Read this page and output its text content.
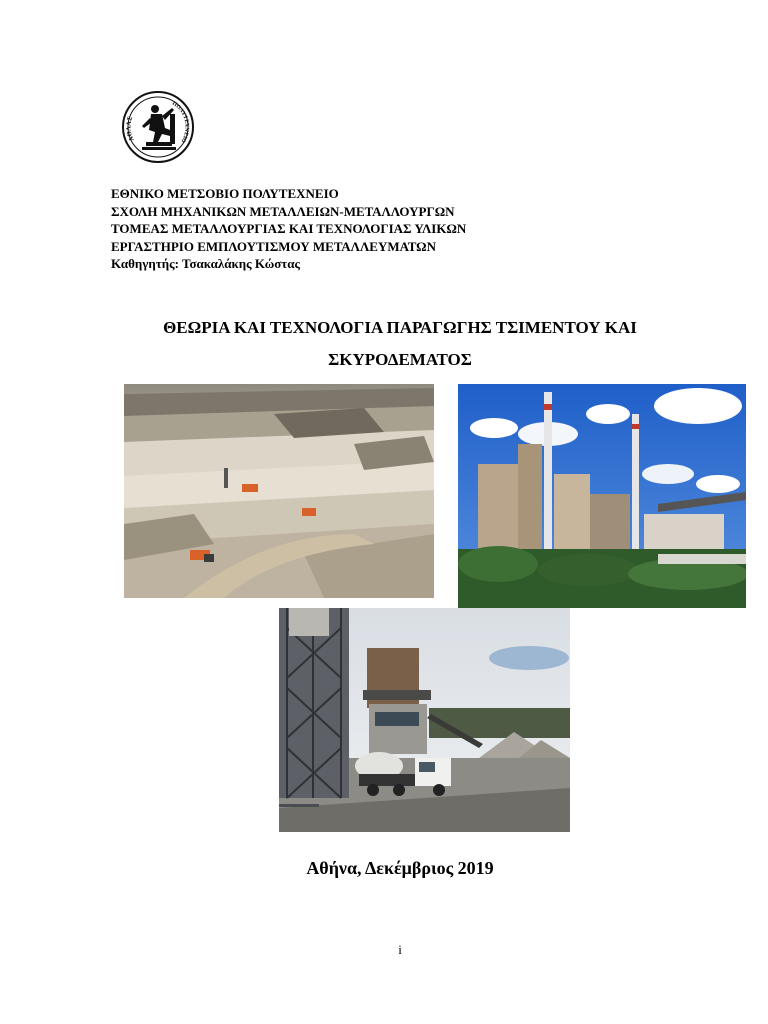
ΑΘΛΑΣ
ΠΟΛΥΤΕΧΝΕΙΟ
ΕΘΝΙΚΟ ΜΕΤΣΟΒΙΟ ΠΟΛΥΤΕΧΝΕΙΟ
ΣΧΟΛΗ ΜΗΧΑΝΙΚΩΝ ΜΕΤΑΛΛΕΙΩΝ-ΜΕΤΑΛΛΟΥΡΓΩΝ
ΤΟΜΕΑΣ ΜΕΤΑΛΛΟΥΡΓΙΑΣ ΚΑΙ ΤΕΧΝΟΛΟΓΙΑΣ ΥΛΙΚΩΝ
ΕΡΓΑΣΤΗΡΙΟ ΕΜΠΛΟΥΤΙΣΜΟΥ ΜΕΤΑΛΛΕΥΜΑΤΩΝ
Καθηγητής: Τσακαλάκης Κώστας
ΘΕΩΡΙΑ ΚΑΙ ΤΕΧΝΟΛΟΓΙΑ ΠΑΡΑΓΩΓΗΣ ΤΣΙΜΕΝΤΟΥ ΚΑΙ
ΣΚΥΡΟΔΕΜΑΤΟΣ
Αθήνα, Δεκέμβριος 2019
i
